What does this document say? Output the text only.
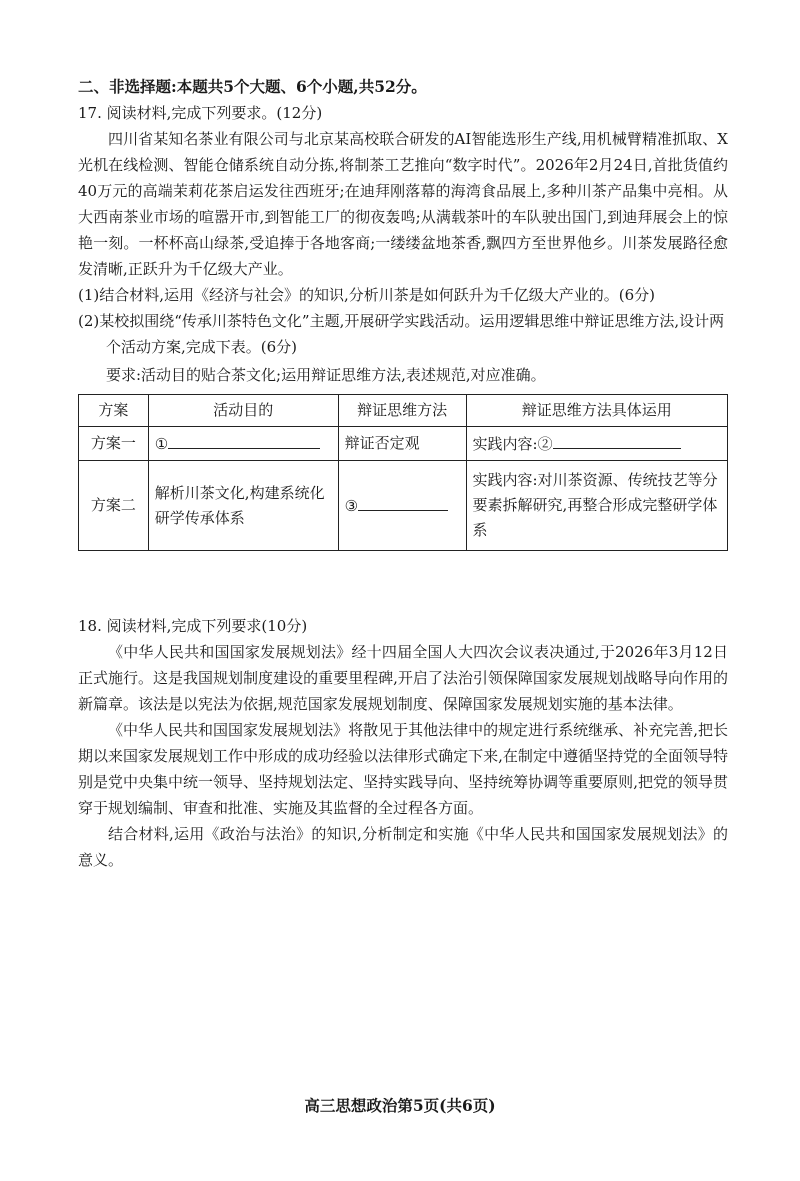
二、非选择题:本题共5个大题、6个小题,共52分。
17. 阅读材料,完成下列要求。(12分)
四川省某知名茶业有限公司与北京某高校联合研发的AI智能选形生产线,用机械臂精准抓取、X光机在线检测、智能仓储系统自动分拣,将制茶工艺推向“数字时代”。2026年2月24日,首批货值约40万元的高端茉莉花茶启运发往西班牙;在迪拜刚落幕的海湾食品展上,多种川茶产品集中亮相。从大西南茶业市场的喧嚣开市,到智能工厂的彻夜轰鸣;从满载茶叶的车队驶出国门,到迪拜展会上的惊艳一刻。一杯杯高山绿茶,受追捧于各地客商;一缕缕盆地茶香,飘四方至世界他乡。川茶发展路径愈发清晰,正跃升为千亿级大产业。
(1)结合材料,运用《经济与社会》的知识,分析川茶是如何跃升为千亿级大产业的。(6分)
(2)某校拟围绕“传承川茶特色文化”主题,开展研学实践活动。运用逻辑思维中辩证思维方法,设计两个活动方案,完成下表。(6分)
要求:活动目的贴合茶文化;运用辩证思维方法,表述规范,对应准确。
方案	活动目的	辩证思维方法	辩证思维方法具体运用
方案一	①	辩证否定观	实践内容:②
方案二	解析川茶文化,构建系统化研学传承体系	③	实践内容:对川茶资源、传统技艺等分要素拆解研究,再整合形成完整研学体系
18. 阅读材料,完成下列要求(10分)
《中华人民共和国国家发展规划法》经十四届全国人大四次会议表决通过,于2026年3月12日正式施行。这是我国规划制度建设的重要里程碑,开启了法治引领保障国家发展规划战略导向作用的新篇章。该法是以宪法为依据,规范国家发展规划制度、保障国家发展规划实施的基本法律。
《中华人民共和国国家发展规划法》将散见于其他法律中的规定进行系统继承、补充完善,把长期以来国家发展规划工作中形成的成功经验以法律形式确定下来,在制定中遵循坚持党的全面领导特别是党中央集中统一领导、坚持规划法定、坚持实践导向、坚持统筹协调等重要原则,把党的领导贯穿于规划编制、审查和批准、实施及其监督的全过程各方面。
结合材料,运用《政治与法治》的知识,分析制定和实施《中华人民共和国国家发展规划法》的意义。
高三思想政治第5页(共6页)
